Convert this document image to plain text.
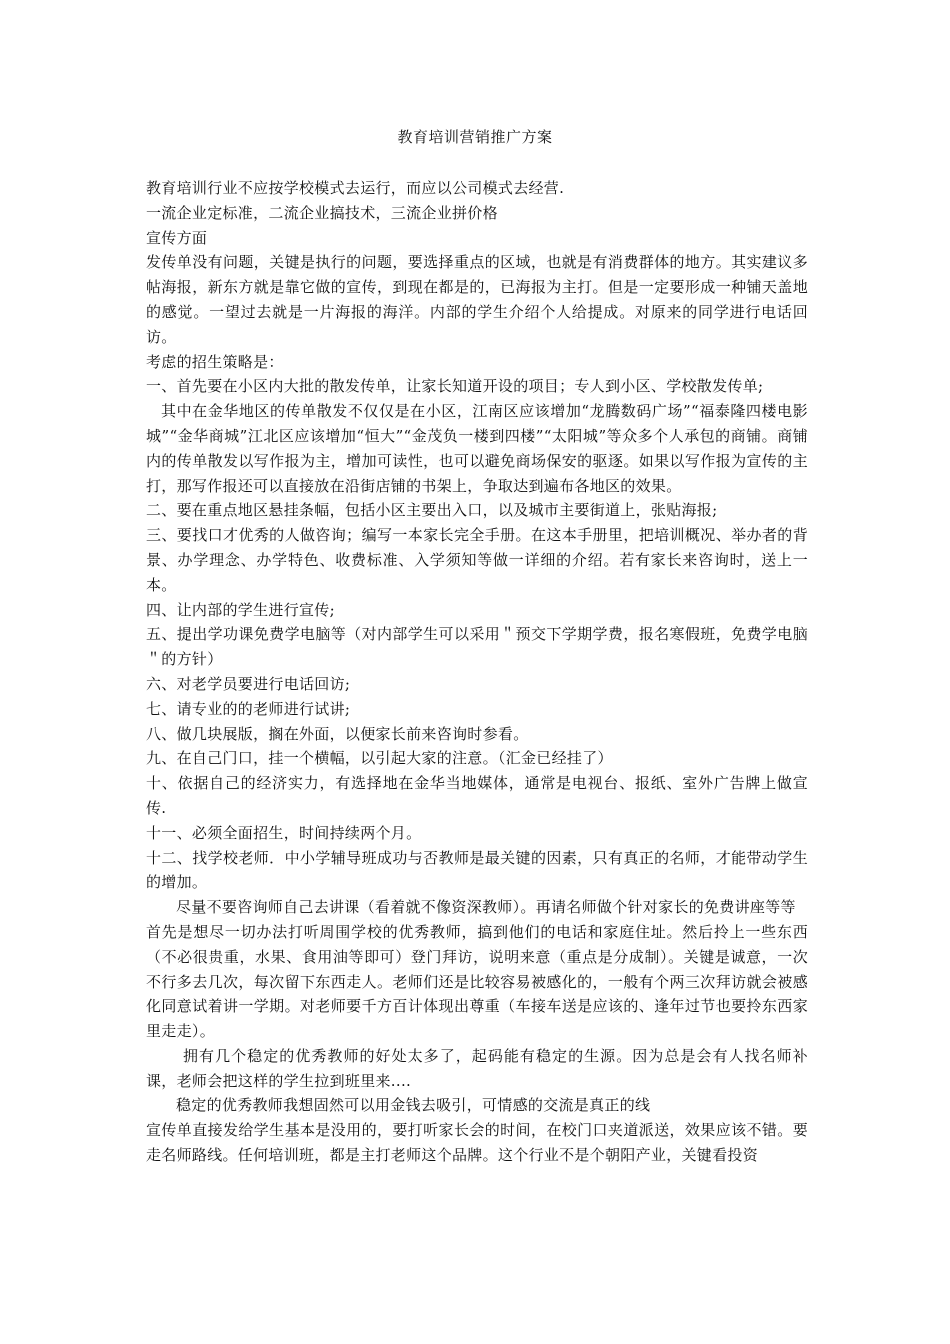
教育培训营销推广方案

教育培训行业不应按学校模式去运行，而应以公司模式去经营.

一流企业定标准，二流企业搞技术，三流企业拼价格

宣传方面

发传单没有问题，关键是执行的问题，要选择重点的区域，也就是有消费群体的地方。其实建议多帖海报，新东方就是靠它做的宣传，到现在都是的，已海报为主打。但是一定要形成一种铺天盖地的感觉。一望过去就是一片海报的海洋。内部的学生介绍个人给提成。对原来的同学进行电话回访。

考虑的招生策略是：

一、首先要在小区内大批的散发传单，让家长知道开设的项目；专人到小区、学校散发传单;

其中在金华地区的传单散发不仅仅是在小区，江南区应该增加“龙腾数码广场”“福泰隆四楼电影城”“金华商城”江北区应该增加“恒大”“金茂负一楼到四楼”“太阳城”等众多个人承包的商铺。商铺内的传单散发以写作报为主，增加可读性，也可以避免商场保安的驱逐。如果以写作报为宣传的主打，那写作报还可以直接放在沿街店铺的书架上，争取达到遍布各地区的效果。

二、要在重点地区悬挂条幅，包括小区主要出入口，以及城市主要街道上，张贴海报;

三、要找口才优秀的人做咨询；编写一本家长完全手册。在这本手册里，把培训概况、举办者的背景、办学理念、办学特色、收费标准、入学须知等做一详细的介绍。若有家长来咨询时，送上一本。

四、让内部的学生进行宣传;

五、提出学功课免费学电脑等（对内部学生可以采用＂预交下学期学费，报名寒假班，免费学电脑＂的方针）

六、对老学员要进行电话回访;

七、请专业的的老师进行试讲;

八、做几块展版，搁在外面，以便家长前来咨询时参看。

九、在自己门口，挂一个横幅，以引起大家的注意。（汇金已经挂了）

十、依据自己的经济实力，有选择地在金华当地媒体，通常是电视台、报纸、室外广告牌上做宣传.

十一、必须全面招生，时间持续两个月。

十二、找学校老师．中小学辅导班成功与否教师是最关键的因素，只有真正的名师，才能带动学生的增加。

尽量不要咨询师自己去讲课（看着就不像资深教师）。再请名师做个针对家长的免费讲座等等

首先是想尽一切办法打听周围学校的优秀教师，搞到他们的电话和家庭住址。然后拎上一些东西（不必很贵重，水果、食用油等即可）登门拜访，说明来意（重点是分成制）。关键是诚意，一次不行多去几次，每次留下东西走人。老师们还是比较容易被感化的，一般有个两三次拜访就会被感化同意试着讲一学期。对老师要千方百计体现出尊重（车接车送是应该的、逢年过节也要拎东西家里走走）。

拥有几个稳定的优秀教师的好处太多了，起码能有稳定的生源。因为总是会有人找名师补课，老师会把这样的学生拉到班里来....

稳定的优秀教师我想固然可以用金钱去吸引，可情感的交流是真正的线

宣传单直接发给学生基本是没用的，要打听家长会的时间，在校门口夹道派送，效果应该不错。要走名师路线。任何培训班，都是主打老师这个品牌。这个行业不是个朝阳产业，关键看投资
